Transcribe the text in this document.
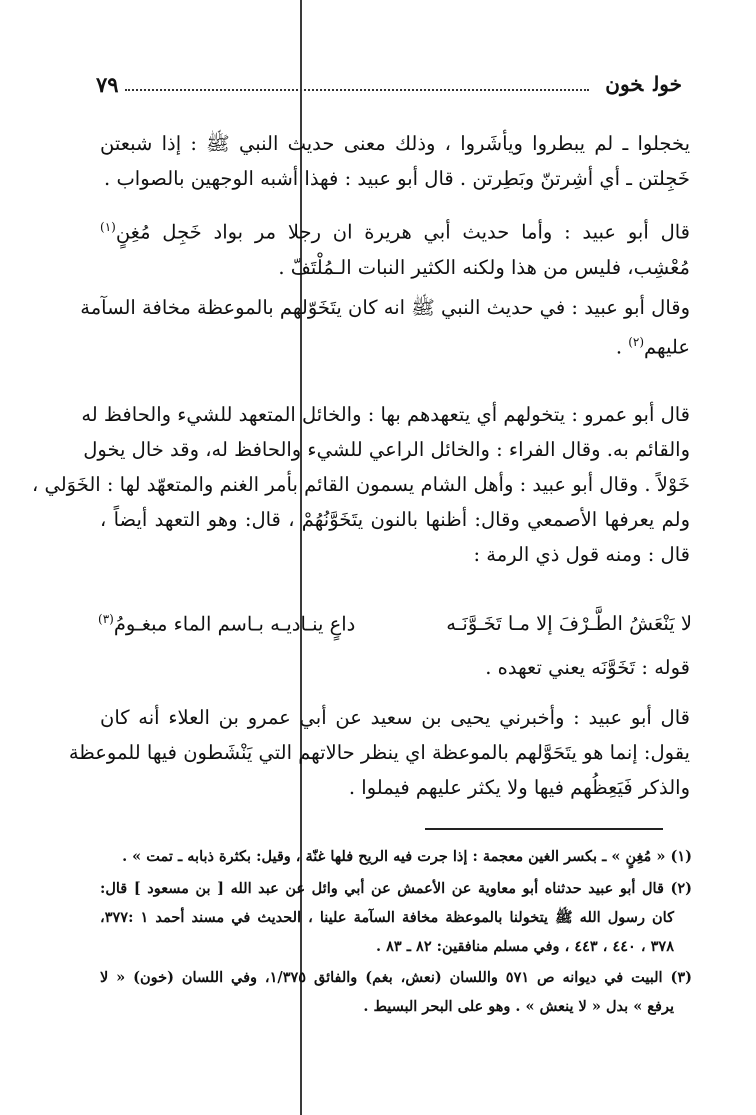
خولخون
٧٩
يخجلوا ـ لم يبطروا ويأشَروا ، وذلك معنى حديث النبي ﷺ : إذا شبعتن
خَجِلتن ـ أي أشِرتنّ وبَطِرتن . قال أبو عبيد : فهذا أشبه الوجهين بالصواب .
قال أبو عبيد : وأما حديث أبي هريرة ان رجلا مر بواد خَجِل مُغِنٍ$^{(١)}$
مُعْشِب، فليس من هذا ولكنه الكثير النبات الـمُلْتَفّ .
وقال أبو عبيد : في حديث النبي ﷺ انه كان يتَخَوّلهم بالموعظة مخافة السآمة
عليهم$^{(٢)}$ .
قال أبو عمرو : يتخولهم أي يتعهدهم بها : والخائل المتعهد للشيء والحافظ له
والقائم به. وقال الفراء : والخائل الراعي للشيء والحافظ له، وقد خال يخول
خَوْلاً . وقال أبو عبيد : وأهل الشام يسمون القائم بأمر الغنم والمتعهّد لها : الخَوَلي ،
ولم يعرفها الأصمعي وقال: أظنها بالنون يتَخَوَّنُهُمْ ، قال: وهو التعهد أيضاً ،
قال : ومنه قول ذي الرمة :
لا يَنْعَشُ الطَّـرْفَ إلا مـا تَخَـوَّنَـه
داعٍ ينـاديـه بـاسم الماء مبغـومُ$^{(٣)}$
قوله : تَخَوَّنَه يعني تعهده .
قال أبو عبيد : وأخبرني يحيى بن سعيد عن أبي عمرو بن العلاء أنه كان
يقول: إنما هو يتَحَوَّلهم بالموعظة اي ينظر حالاتهم التي يَنْشَطون فيها للموعظة
والذكر فَيَعِظُهم فيها ولا يكثر عليهم فيملوا .
(١) « مُغِنٍ » ـ بكسر الغين معجمة : إذا جرت فيه الريح فلها غنّة ، وقيل: بكثرة ذبابه ـ تمت » .
(٢) قال أبو عبيد حدثناه أبو معاوية عن الأعمش عن أبي وائل عن عبد الله [ بن مسعود ] قال:
كان رسول الله ﷺ يتخولنا بالموعظة مخافة السآمة علينا ، الحديث في مسند أحمد ١ :٣٧٧،
٣٧٨ ، ٤٤٠ ، ٤٤٣ ، وفي مسلم منافقين: ٨٢ ـ ٨٣ .
(٣) البيت في ديوانه ص ٥٧١ واللسان (نعش، بغم) والفائق ١/٣٧٥، وفي اللسان (خون) « لا
يرفع » بدل « لا ينعش » . وهو على البحر البسيط .
